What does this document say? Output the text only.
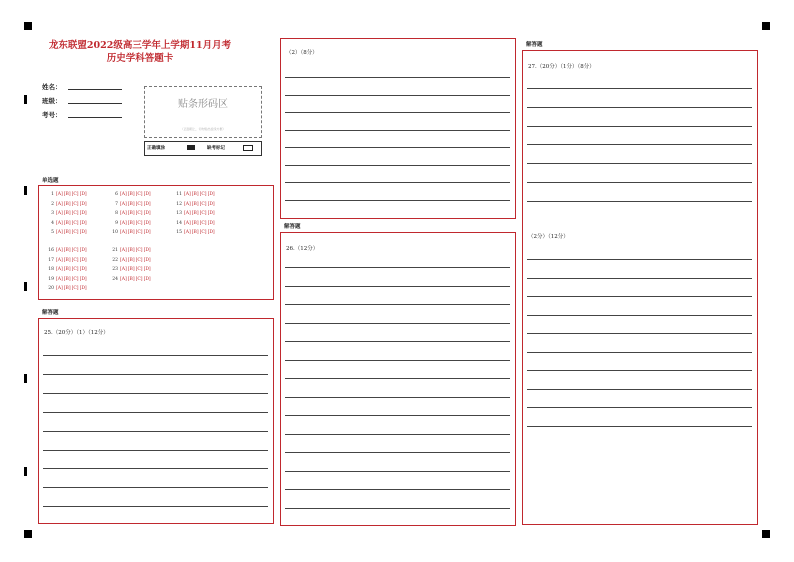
龙东联盟2022级高三学年上学期11月月考
历史学科答题卡
姓名：
班级：
考号：
贴条形码区
（正面朝上，切勿贴出虚线方框）
正确填涂	缺考标记
单选题
1 [A][B][C][D]
2 [A][B][C][D]
3 [A][B][C][D]
4 [A][B][C][D]
5 [A][B][C][D]
6 [A][B][C][D]
7 [A][B][C][D]
8 [A][B][C][D]
9 [A][B][C][D]
10 [A][B][C][D]
11 [A][B][C][D]
12 [A][B][C][D]
13 [A][B][C][D]
14 [A][B][C][D]
15 [A][B][C][D]
16 [A][B][C][D]
17 [A][B][C][D]
18 [A][B][C][D]
19 [A][B][C][D]
20 [A][B][C][D]
21 [A][B][C][D]
22 [A][B][C][D]
23 [A][B][C][D]
24 [A][B][C][D]
解答题
25.（20分）（1）（12分）
（2）（8分）
解答题
26.（12分）
解答题
27.（20分）（1分）（8分）
（2分）（12分）
